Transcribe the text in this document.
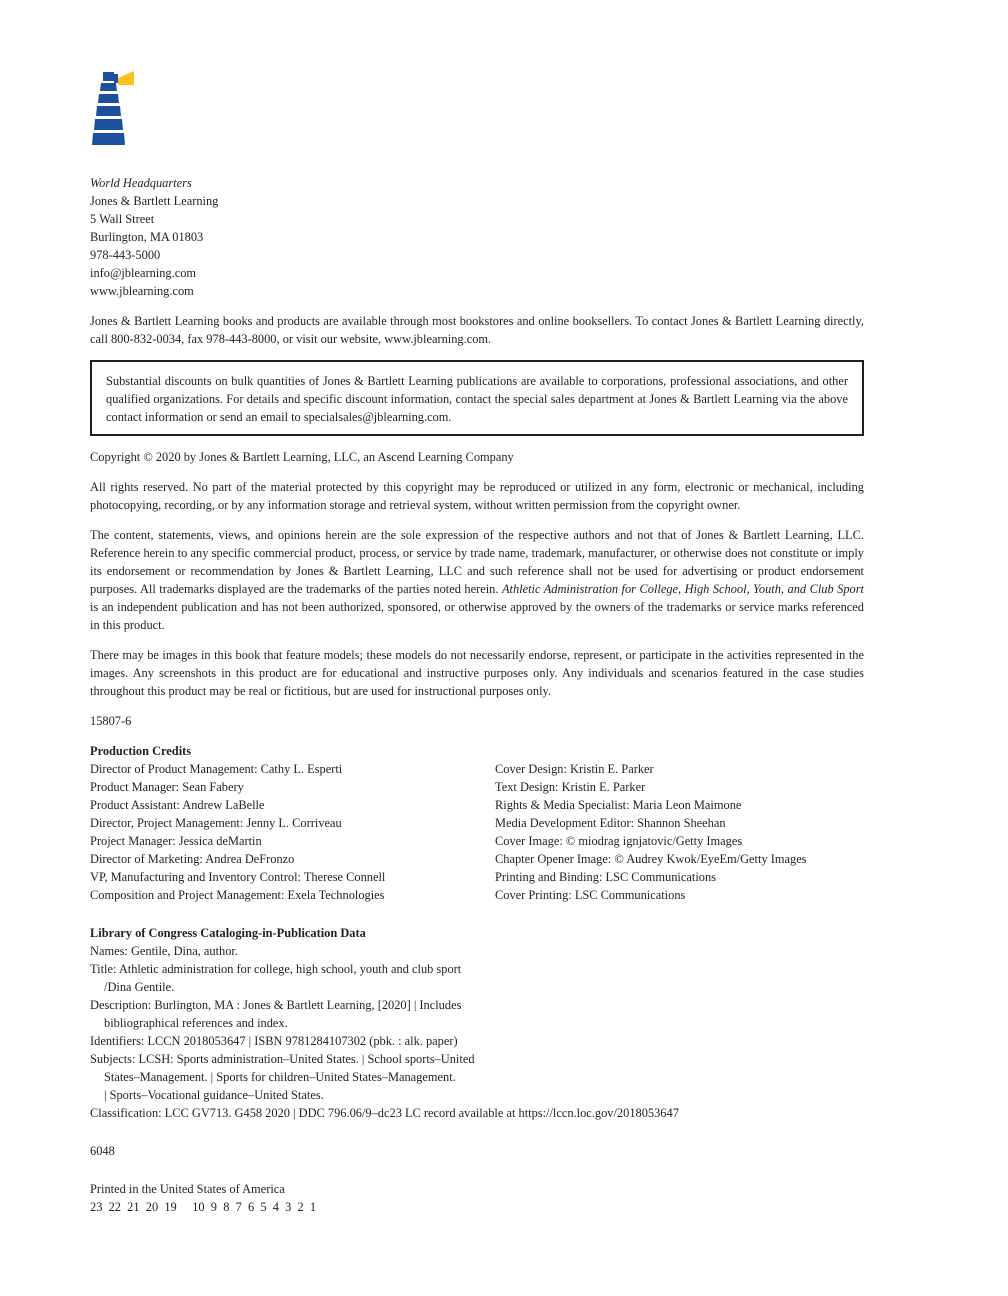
World Headquarters
Jones & Bartlett Learning
5 Wall Street
Burlington, MA 01803
978-443-5000
info@jblearning.com
www.jblearning.com

Jones & Bartlett Learning books and products are available through most bookstores and online booksellers. To contact Jones & Bartlett Learning directly, call 800-832-0034, fax 978-443-8000, or visit our website, www.jblearning.com.

Substantial discounts on bulk quantities of Jones & Bartlett Learning publications are available to corporations, professional associations, and other qualified organizations. For details and specific discount information, contact the special sales department at Jones & Bartlett Learning via the above contact information or send an email to specialsales@jblearning.com.

Copyright © 2020 by Jones & Bartlett Learning, LLC, an Ascend Learning Company

All rights reserved. No part of the material protected by this copyright may be reproduced or utilized in any form, electronic or mechanical, including photocopying, recording, or by any information storage and retrieval system, without written permission from the copyright owner.

The content, statements, views, and opinions herein are the sole expression of the respective authors and not that of Jones & Bartlett Learning, LLC. Reference herein to any specific commercial product, process, or service by trade name, trademark, manufacturer, or otherwise does not constitute or imply its endorsement or recommendation by Jones & Bartlett Learning, LLC and such reference shall not be used for advertising or product endorsement purposes. All trademarks displayed are the trademarks of the parties noted herein. Athletic Administration for College, High School, Youth, and Club Sport is an independent publication and has not been authorized, sponsored, or otherwise approved by the owners of the trademarks or service marks referenced in this product.

There may be images in this book that feature models; these models do not necessarily endorse, represent, or participate in the activities represented in the images. Any screenshots in this product are for educational and instructive purposes only. Any individuals and scenarios featured in the case studies throughout this product may be real or fictitious, but are used for instructional purposes only.

15807-6

Production Credits
Director of Product Management: Cathy L. Esperti
Product Manager: Sean Fabery
Product Assistant: Andrew LaBelle
Director, Project Management: Jenny L. Corriveau
Project Manager: Jessica deMartin
Director of Marketing: Andrea DeFronzo
VP, Manufacturing and Inventory Control: Therese Connell
Composition and Project Management: Exela Technologies
Cover Design: Kristin E. Parker
Text Design: Kristin E. Parker
Rights & Media Specialist: Maria Leon Maimone
Media Development Editor: Shannon Sheehan
Cover Image: © miodrag ignjatovic/Getty Images
Chapter Opener Image: © Audrey Kwok/EyeEm/Getty Images
Printing and Binding: LSC Communications
Cover Printing: LSC Communications
Library of Congress Cataloging-in-Publication Data
Names: Gentile, Dina, author.
Title: Athletic administration for college, high school, youth and club sport
/Dina Gentile.
Description: Burlington, MA : Jones & Bartlett Learning, [2020] | Includes
bibliographical references and index.
Identifiers: LCCN 2018053647 | ISBN 9781284107302 (pbk. : alk. paper)
Subjects: LCSH: Sports administration–United States. | School sports–United
States–Management. | Sports for children–United States–Management.
| Sports–Vocational guidance–United States.
Classification: LCC GV713. G458 2020 | DDC 796.06/9–dc23 LC record available at https://lccn.loc.gov/2018053647

6048

Printed in the United States of America
23  22  21  20  19     10  9  8  7  6  5  4  3  2  1
